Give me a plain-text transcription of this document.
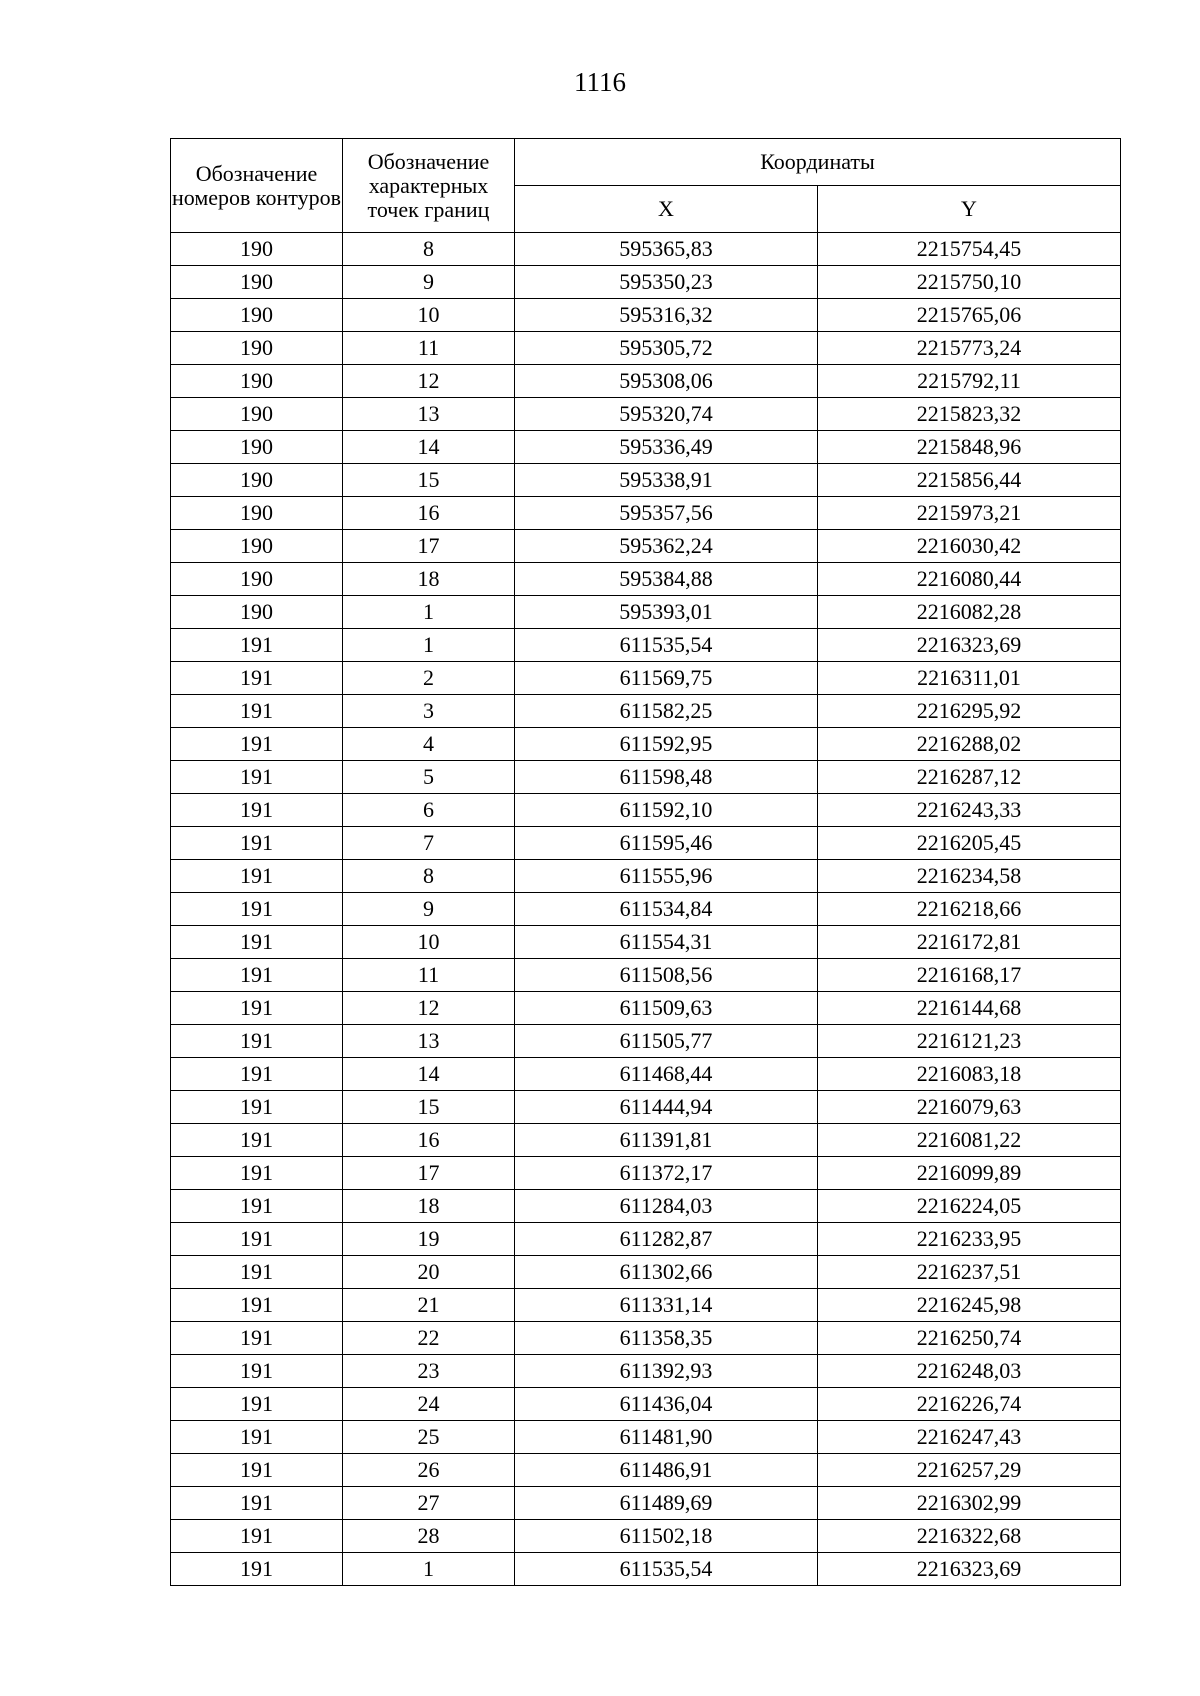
1116
Обозначение номеров контуров	Обозначение характерных точек границ	Координаты	
		X	Y
190	8	595365,83	2215754,45
190	9	595350,23	2215750,10
190	10	595316,32	2215765,06
190	11	595305,72	2215773,24
190	12	595308,06	2215792,11
190	13	595320,74	2215823,32
190	14	595336,49	2215848,96
190	15	595338,91	2215856,44
190	16	595357,56	2215973,21
190	17	595362,24	2216030,42
190	18	595384,88	2216080,44
190	1	595393,01	2216082,28
191	1	611535,54	2216323,69
191	2	611569,75	2216311,01
191	3	611582,25	2216295,92
191	4	611592,95	2216288,02
191	5	611598,48	2216287,12
191	6	611592,10	2216243,33
191	7	611595,46	2216205,45
191	8	611555,96	2216234,58
191	9	611534,84	2216218,66
191	10	611554,31	2216172,81
191	11	611508,56	2216168,17
191	12	611509,63	2216144,68
191	13	611505,77	2216121,23
191	14	611468,44	2216083,18
191	15	611444,94	2216079,63
191	16	611391,81	2216081,22
191	17	611372,17	2216099,89
191	18	611284,03	2216224,05
191	19	611282,87	2216233,95
191	20	611302,66	2216237,51
191	21	611331,14	2216245,98
191	22	611358,35	2216250,74
191	23	611392,93	2216248,03
191	24	611436,04	2216226,74
191	25	611481,90	2216247,43
191	26	611486,91	2216257,29
191	27	611489,69	2216302,99
191	28	611502,18	2216322,68
191	1	611535,54	2216323,69
